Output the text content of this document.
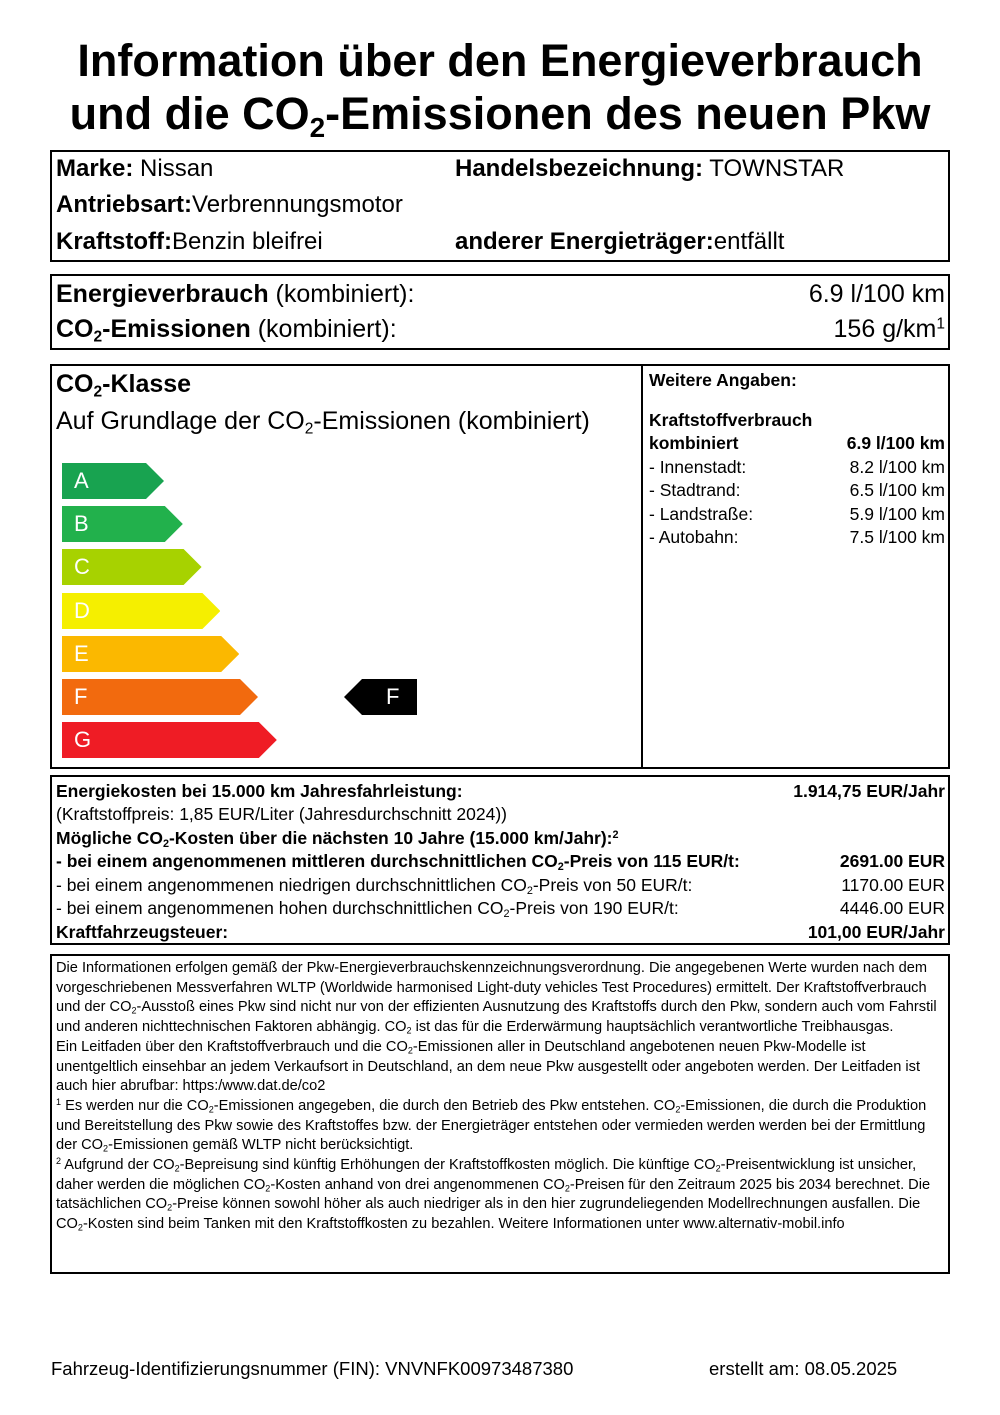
Information über den Energieverbrauch
und die $CO_2$-Emissionen des neuen Pkw
Marke: Nissan	Handelsbezeichnung: TOWNSTAR
Antriebsart:Verbrennungsmotor
Kraftstoff:Benzin bleifrei	anderer Energieträger:entfällt
Energieverbrauch (kombiniert):	6.9 l/100 km
$CO_2$-Emissionen (kombiniert):	156 $g/km^1$
$CO_2$-Klasse
Auf Grundlage der $CO_2$-Emissionen (kombiniert)
A
B
C
D
E
F
G
F
Weitere Angaben:
Kraftstoffverbrauch
kombiniert	6.9 l/100 km
- Innenstadt:	8.2 l/100 km
- Stadtrand:	6.5 l/100 km
- Landstraße:	5.9 l/100 km
- Autobahn:	7.5 l/100 km
Energiekosten bei 15.000 km Jahresfahrleistung:	1.914,75 EUR/Jahr
(Kraftstoffpreis: 1,85 EUR/Liter (Jahresdurchschnitt 2024))
Mögliche $CO_2$-Kosten über die nächsten 10 Jahre (15.000 km/Jahr):$^2$
- bei einem angenommenen mittleren durchschnittlichen $CO_2$-Preis von 115 EUR/t:	2691.00 EUR
- bei einem angenommenen niedrigen durchschnittlichen $CO_2$-Preis von 50 EUR/t:	1170.00 EUR
- bei einem angenommenen hohen durchschnittlichen $CO_2$-Preis von 190 EUR/t:	4446.00 EUR
Kraftfahrzeugsteuer:	101,00 EUR/Jahr
Die Informationen erfolgen gemäß der Pkw-Energieverbrauchskennzeichnungsverordnung. Die angegebenen Werte wurden nach dem vorgeschriebenen Messverfahren WLTP (Worldwide harmonised Light-duty vehicles Test Procedures) ermittelt. Der Kraftstoffverbrauch und der $CO_2$-Ausstoß eines Pkw sind nicht nur von der effizienten Ausnutzung des Kraftstoffs durch den Pkw, sondern auch vom Fahrstil und anderen nichttechnischen Faktoren abhängig. $CO_2$ ist das für die Erderwärmung hauptsächlich verantwortliche Treibhausgas.
Ein Leitfaden über den Kraftstoffverbrauch und die $CO_2$-Emissionen aller in Deutschland angebotenen neuen Pkw-Modelle ist unentgeltlich einsehbar an jedem Verkaufsort in Deutschland, an dem neue Pkw ausgestellt oder angeboten werden. Der Leitfaden ist auch hier abrufbar: https:/www.dat.de/co2
$^1$ Es werden nur die $CO_2$-Emissionen angegeben, die durch den Betrieb des Pkw entstehen. $CO_2$-Emissionen, die durch die Produktion und Bereitstellung des Pkw sowie des Kraftstoffes bzw. der Energieträger entstehen oder vermieden werden werden bei der Ermittlung der $CO_2$-Emissionen gemäß WLTP nicht berücksichtigt.
$^2$ Aufgrund der $CO_2$-Bepreisung sind künftig Erhöhungen der Kraftstoffkosten möglich. Die künftige $CO_2$-Preisentwicklung ist unsicher, daher werden die möglichen $CO_2$-Kosten anhand von drei angenommenen $CO_2$-Preisen für den Zeitraum 2025 bis 2034 berechnet. Die tatsächlichen $CO_2$-Preise können sowohl höher als auch niedriger als in den hier zugrundeliegenden Modellrechnungen ausfallen. Die $CO_2$-Kosten sind beim Tanken mit den Kraftstoffkosten zu bezahlen. Weitere Informationen unter www.alternativ-mobil.info
Fahrzeug-Identifizierungsnummer (FIN): VNVNFK00973487380	erstellt am: 08.05.2025
